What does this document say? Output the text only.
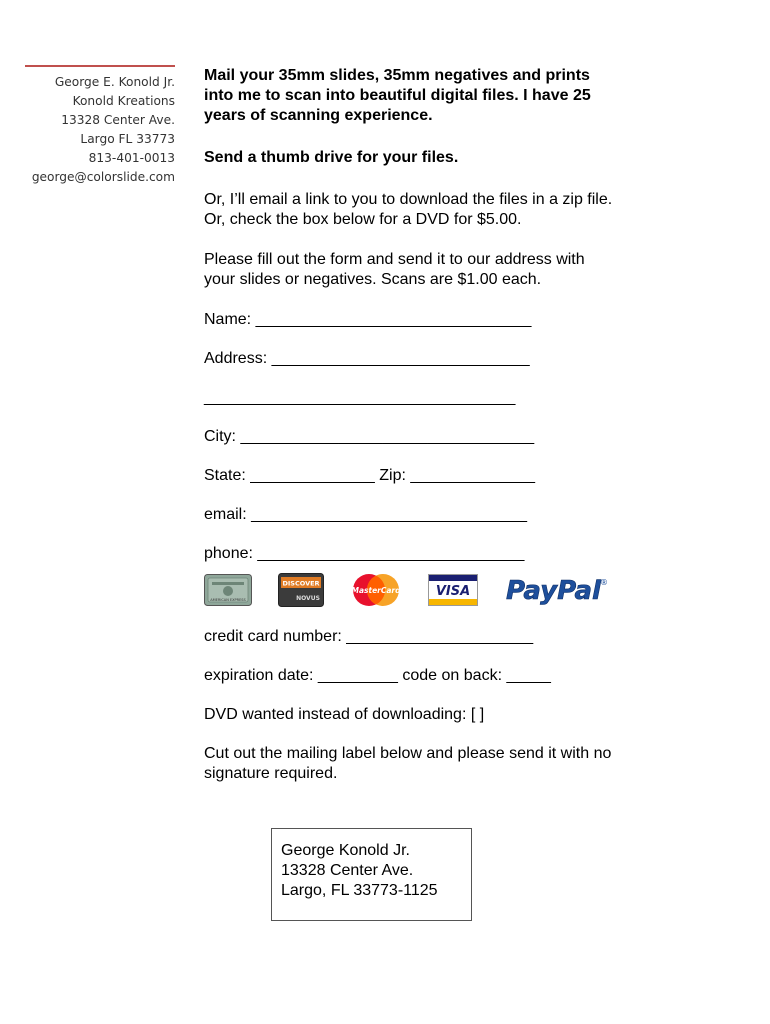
George E. Konold Jr.
Konold Kreations
13328 Center Ave.
Largo FL 33773
813-401-0013
george@colorslide.com

Mail your 35mm slides, 35mm negatives and prints

into me to scan into beautiful digital files. I have 25

years of scanning experience.

Send a thumb drive for your files.

Or, I’ll email a link to you to download the files in a zip file.

Or, check the box below for a DVD for $5.00.

Please fill out the form and send it to our address with

your slides or negatives. Scans are $1.00 each.

Name: _______________________________
Address: _____________________________
___________________________________
City: _________________________________
State: ______________ Zip: ______________
email: _______________________________
phone: ______________________________
AMERICAN EXPRESS
DISCOVER
NOVUS
MasterCard	VISA PayPal ®
credit card number: _____________________
expiration date: _________ code on back: _____
DVD wanted instead of downloading: [ ]

Cut out the mailing label below and please send it with no

signature required.

George Konold Jr.
13328 Center Ave.
Largo, FL 33773-1125
